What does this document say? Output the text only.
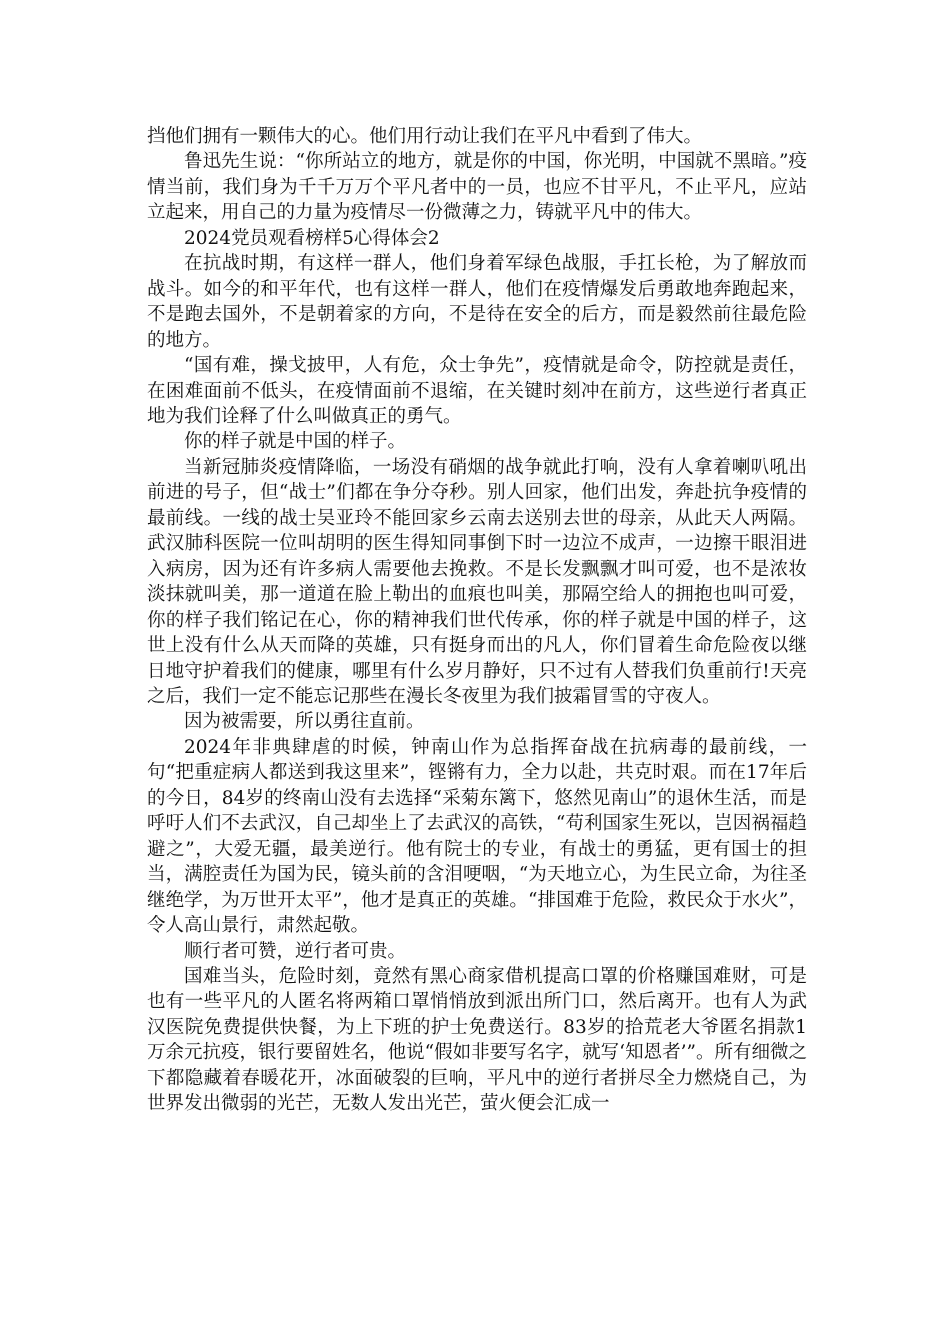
挡他们拥有一颗伟大的心。他们用行动让我们在平凡中看到了伟大。

鲁迅先生说：“你所站立的地方，就是你的中国，你光明，中国就不黑暗。”疫情当前，我们身为千千万万个平凡者中的一员，也应不甘平凡，不止平凡，应站立起来，用自己的力量为疫情尽一份微薄之力，铸就平凡中的伟大。

2024党员观看榜样5心得体会2

在抗战时期，有这样一群人，他们身着军绿色战服，手扛长枪，为了解放而战斗。如今的和平年代，也有这样一群人，他们在疫情爆发后勇敢地奔跑起来，不是跑去国外，不是朝着家的方向，不是待在安全的后方，而是毅然前往最危险的地方。

“国有难，操戈披甲，人有危，众士争先”，疫情就是命令，防控就是责任，在困难面前不低头，在疫情面前不退缩，在关键时刻冲在前方，这些逆行者真正地为我们诠释了什么叫做真正的勇气。

你的样子就是中国的样子。

当新冠肺炎疫情降临，一场没有硝烟的战争就此打响，没有人拿着喇叭吼出前进的号子，但“战士”们都在争分夺秒。别人回家，他们出发，奔赴抗争疫情的最前线。一线的战士吴亚玲不能回家乡云南去送别去世的母亲，从此天人两隔。武汉肺科医院一位叫胡明的医生得知同事倒下时一边泣不成声，一边擦干眼泪进入病房，因为还有许多病人需要他去挽救。不是长发飘飘才叫可爱，也不是浓妆淡抹就叫美，那一道道在脸上勒出的血痕也叫美，那隔空给人的拥抱也叫可爱，你的样子我们铭记在心，你的精神我们世代传承，你的样子就是中国的样子，这世上没有什么从天而降的英雄，只有挺身而出的凡人，你们冒着生命危险夜以继日地守护着我们的健康，哪里有什么岁月静好，只不过有人替我们负重前行!天亮之后，我们一定不能忘记那些在漫长冬夜里为我们披霜冒雪的守夜人。

因为被需要，所以勇往直前。

2024年非典肆虐的时候，钟南山作为总指挥奋战在抗病毒的最前线，一句“把重症病人都送到我这里来”，铿锵有力，全力以赴，共克时艰。而在17年后的今日，84岁的终南山没有去选择“采菊东篱下，悠然见南山”的退休生活，而是呼吁人们不去武汉，自己却坐上了去武汉的高铁，“苟利国家生死以，岂因祸福趋避之”，大爱无疆，最美逆行。他有院士的专业，有战士的勇猛，更有国士的担当，满腔责任为国为民，镜头前的含泪哽咽，“为天地立心，为生民立命，为往圣继绝学，为万世开太平”，他才是真正的英雄。“排国难于危险，救民众于水火”，令人高山景行，肃然起敬。

顺行者可赞，逆行者可贵。

国难当头，危险时刻，竟然有黑心商家借机提高口罩的价格赚国难财，可是也有一些平凡的人匿名将两箱口罩悄悄放到派出所门口，然后离开。也有人为武汉医院免费提供快餐，为上下班的护士免费送行。83岁的拾荒老大爷匿名捐款1万余元抗疫，银行要留姓名，他说“假如非要写名字，就写‘知恩者’”。所有细微之下都隐藏着春暖花开，冰面破裂的巨响，平凡中的逆行者拼尽全力燃烧自己，为世界发出微弱的光芒，无数人发出光芒，萤火便会汇成一
